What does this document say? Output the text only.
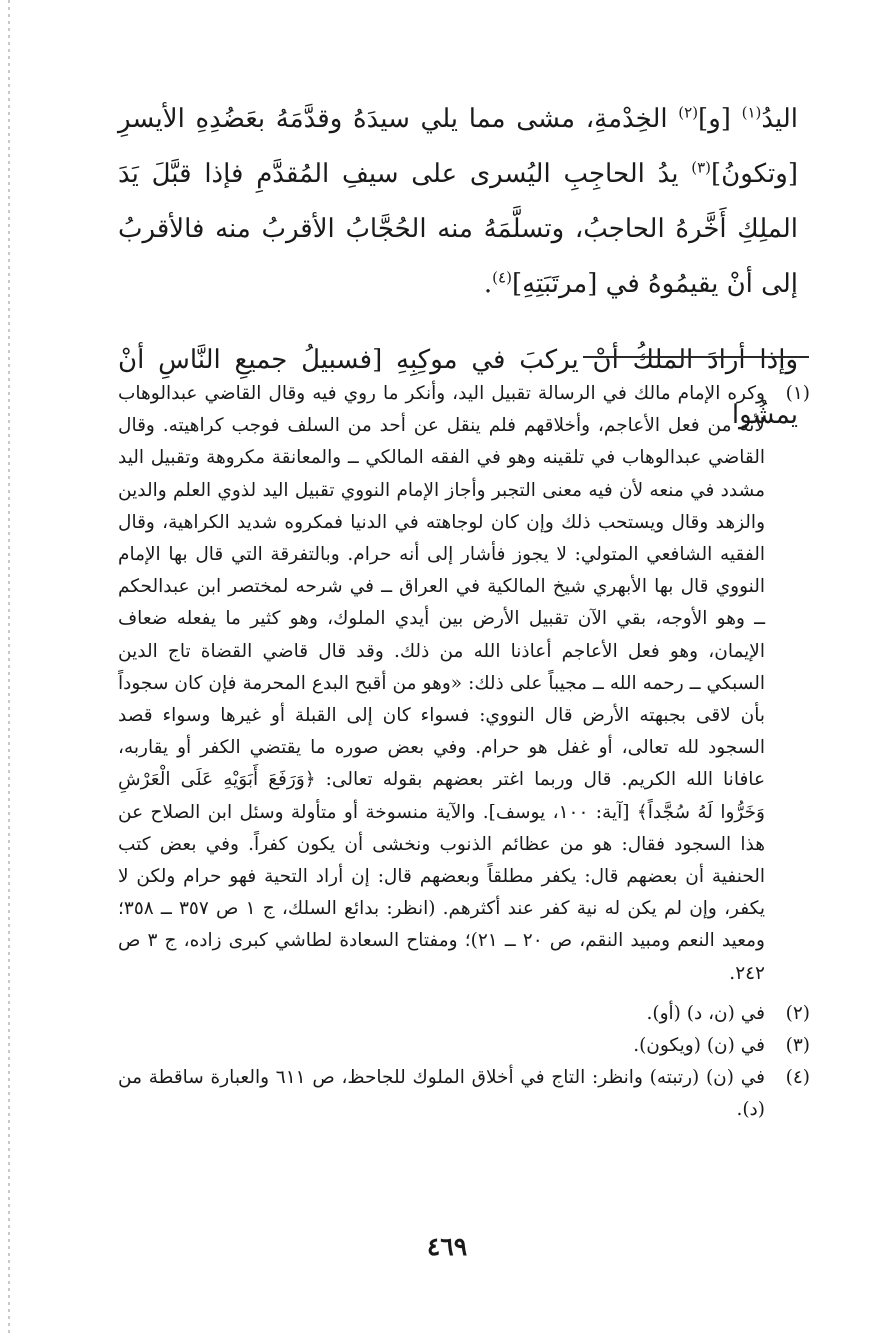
اليدُ$^{(١)}$ [و]$^{(٢)}$ الخِدْمةِ، مشى مما يلي سيدَهُ وقدَّمَهُ بعَضُدِهِ الأيسرِ [وتكونُ]$^{(٣)}$ يدُ الحاجِبِ اليُسرى على سيفِ المُقدَّمِ فإذا قبَّلَ يَدَ الملِكِ أَخَّرهُ الحاجبُ، وتسلَّمَهُ منه الحُجَّابُ الأقربُ منه فالأقربُ إلى أنْ يقيمُوهُ في [مرتَبَتِهِ]$^{(٤)}$.

وإذا أرادَ الملكُ أنْ يركبَ في موكِبِهِ [فسبيلُ جميعِ النَّاسِ أنْ يمشُوا

(١)
وكره الإمام مالك في الرسالة تقبيل اليد، وأنكر ما روي فيه وقال القاضي عبدالوهاب لأنه من فعل الأعاجم، وأخلاقهم فلم ينقل عن أحد من السلف فوجب كراهيته. وقال القاضي عبدالوهاب في تلقينه وهو في الفقه المالكي ــ والمعانقة مكروهة وتقبيل اليد مشدد في منعه لأن فيه معنى التجبر وأجاز الإمام النووي تقبيل اليد لذوي العلم والدين والزهد وقال ويستحب ذلك وإن كان لوجاهته في الدنيا فمكروه شديد الكراهية، وقال الفقيه الشافعي المتولي: لا يجوز فأشار إلى أنه حرام. وبالتفرقة التي قال بها الإمام النووي قال بها الأبهري شيخ المالكية في العراق ــ في شرحه لمختصر ابن عبدالحكم ــ وهو الأوجه، بقي الآن تقبيل الأرض بين أيدي الملوك، وهو كثير ما يفعله ضعاف الإيمان، وهو فعل الأعاجم أعاذنا الله من ذلك. وقد قال قاضي القضاة تاج الدين السبكي ــ رحمه الله ــ مجيباً على ذلك: «وهو من أقبح البدع المحرمة فإن كان سجوداً بأن لاقى بجبهته الأرض قال النووي: فسواء كان إلى القبلة أو غيرها وسواء قصد السجود لله تعالى، أو غفل هو حرام. وفي بعض صوره ما يقتضي الكفر أو يقاربه، عافانا الله الكريم. قال وربما اغتر بعضهم بقوله تعالى: ﴿وَرَفَعَ أَبَوَيْهِ عَلَى الْعَرْشِ وَخَرُّوا لَهُ سُجَّداً﴾ [آية: ١٠٠، يوسف]. والآية منسوخة أو متأولة وسئل ابن الصلاح عن هذا السجود فقال: هو من عظائم الذنوب ونخشى أن يكون كفراً. وفي بعض كتب الحنفية أن بعضهم قال: يكفر مطلقاً وبعضهم قال: إن أراد التحية فهو حرام ولكن لا يكفر، وإن لم يكن له نية كفر عند أكثرهم. (انظر: بدائع السلك، ج ١ ص ٣٥٧ ــ ٣٥٨؛ ومعيد النعم ومبيد النقم، ص ٢٠ ــ ٢١)؛ ومفتاح السعادة لطاشي كبرى زاده، ج ٣ ص ٢٤٢.
(٢)
في (ن، د) (أو).
(٣)
في (ن) (ويكون).
(٤)
في (ن) (رتبته) وانظر: التاج في أخلاق الملوك للجاحظ، ص ٦١١ والعبارة ساقطة من (د).
٤٦٩
